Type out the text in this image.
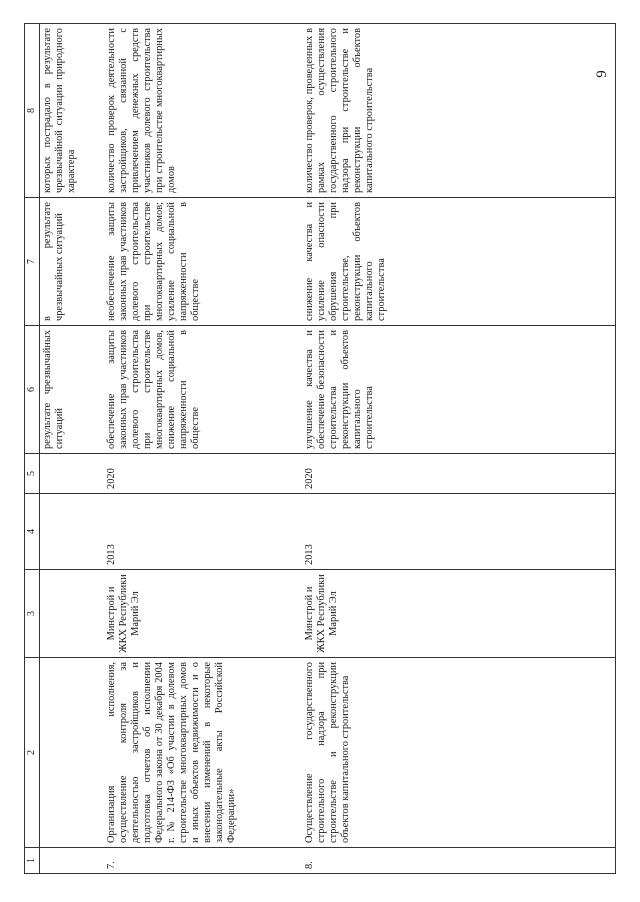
9
1	2	3	4	5	6	7	8
					результате чрезвычайных ситуаций	в результате чрезвычайных ситуаций	которых пострадало в результате чрезвычайной ситуации природного характера
7.	Организация исполнения, осуществление контроля за деятельностью застройщиков и подготовка отчетов об исполнении Федерального закона от 30 декабря 2004 г. № 214-ФЗ «Об участии в долевом строительстве многоквартирных домов и иных объектов недвижимости и о внесении изменений в некоторые законодательные акты Российской Федерации»	Минстрой и ЖКХ Республики Марий Эл	2013	2020	обеспечение защиты законных прав участников долевого строительства при строительстве многоквартирных домов, снижение социальной напряженности в обществе	необеспечение защиты законных прав участников долевого строительства при строительстве многоквартирных домов; усиление социальной напряженности в обществе	количество проверок деятельности застройщиков, связанной с привлечением денежных средств участников долевого строительства при строительстве многоквартирных домов
8.	Осуществление государственного строительного надзора при строительстве и реконструкции объектов капитального строительства	Минстрой и ЖКХ Республики Марий Эл	2013	2020	улучшение качества и обеспечение безопасности строительства и реконструкции объектов капитального строительства	снижение качества и усиление опасности обрушения при строительстве, реконструкции объектов капитального строительства	количество проверок, проведенных в рамках осуществления государственного строительного надзора при строительстве и реконструкции объектов капитального строительства
